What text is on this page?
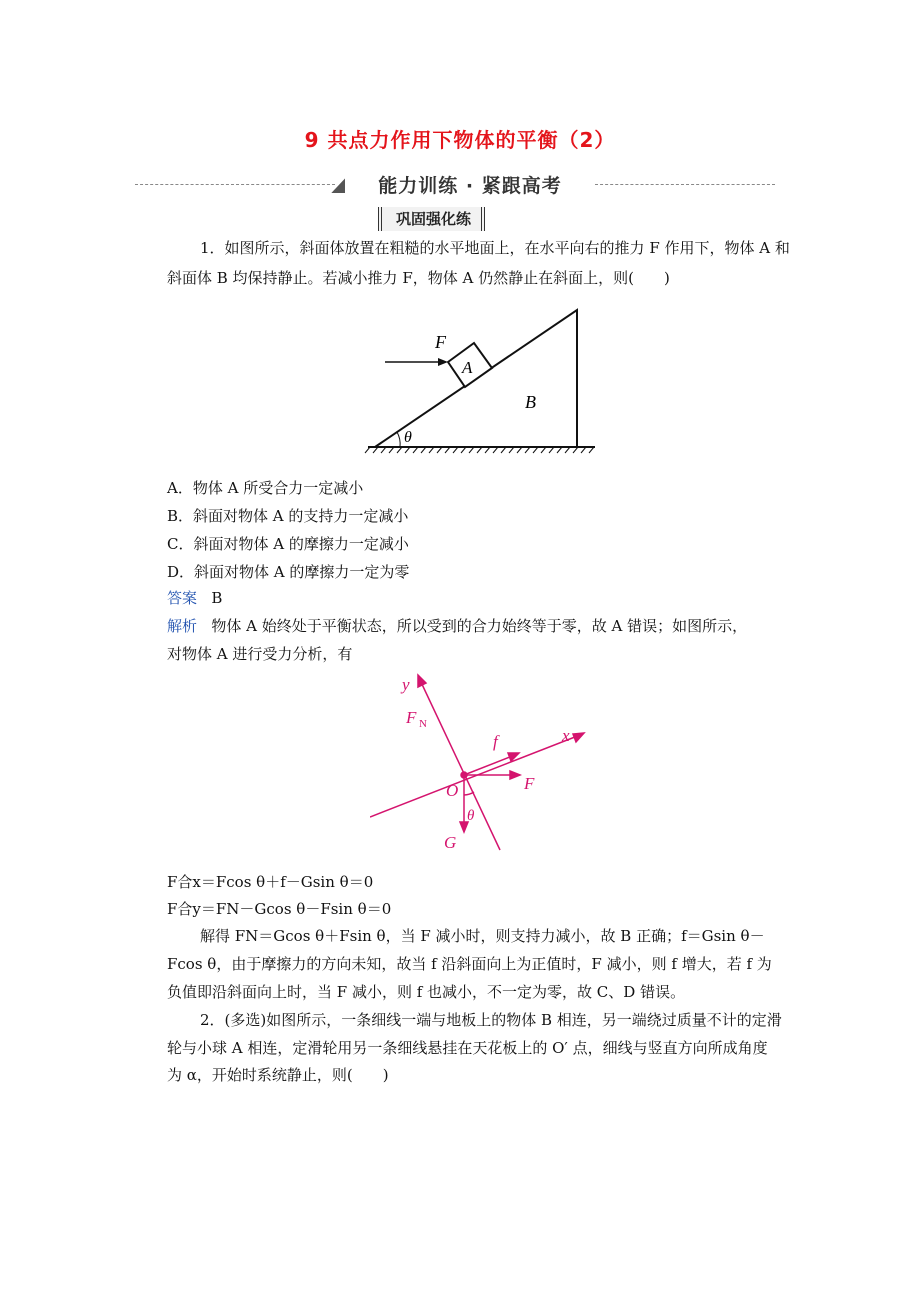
9 共点力作用下物体的平衡（2）
能力训练 · 紧跟高考
巩固强化练
1．如图所示，斜面体放置在粗糙的水平地面上，在水平向右的推力 F 作用下，物体 A 和
斜面体 B 均保持静止。若减小推力 F，物体 A 仍然静止在斜面上，则(　　)
F
A
B
θ
A．物体 A 所受合力一定减小
B．斜面对物体 A 的支持力一定减小
C．斜面对物体 A 的摩擦力一定减小
D．斜面对物体 A 的摩擦力一定为零
答案 B
解析 物体 A 始终处于平衡状态，所以受到的合力始终等于零，故 A 错误；如图所示，
对物体 A 进行受力分析，有
y
x
F N
f
F
O
θ
G
F合x＝Fcos θ＋f－Gsin θ＝0
F合y＝FN－Gcos θ－Fsin θ＝0
解得 FN＝Gcos θ＋Fsin θ，当 F 减小时，则支持力减小，故 B 正确；f＝Gsin θ－
Fcos θ，由于摩擦力的方向未知，故当 f 沿斜面向上为正值时，F 减小，则 f 增大，若 f 为
负值即沿斜面向上时，当 F 减小，则 f 也减小，不一定为零，故 C、D 错误。
2．(多选)如图所示，一条细线一端与地板上的物体 B 相连，另一端绕过质量不计的定滑
轮与小球 A 相连，定滑轮用另一条细线悬挂在天花板上的 O′ 点，细线与竖直方向所成角度
为 α，开始时系统静止，则(　　)
